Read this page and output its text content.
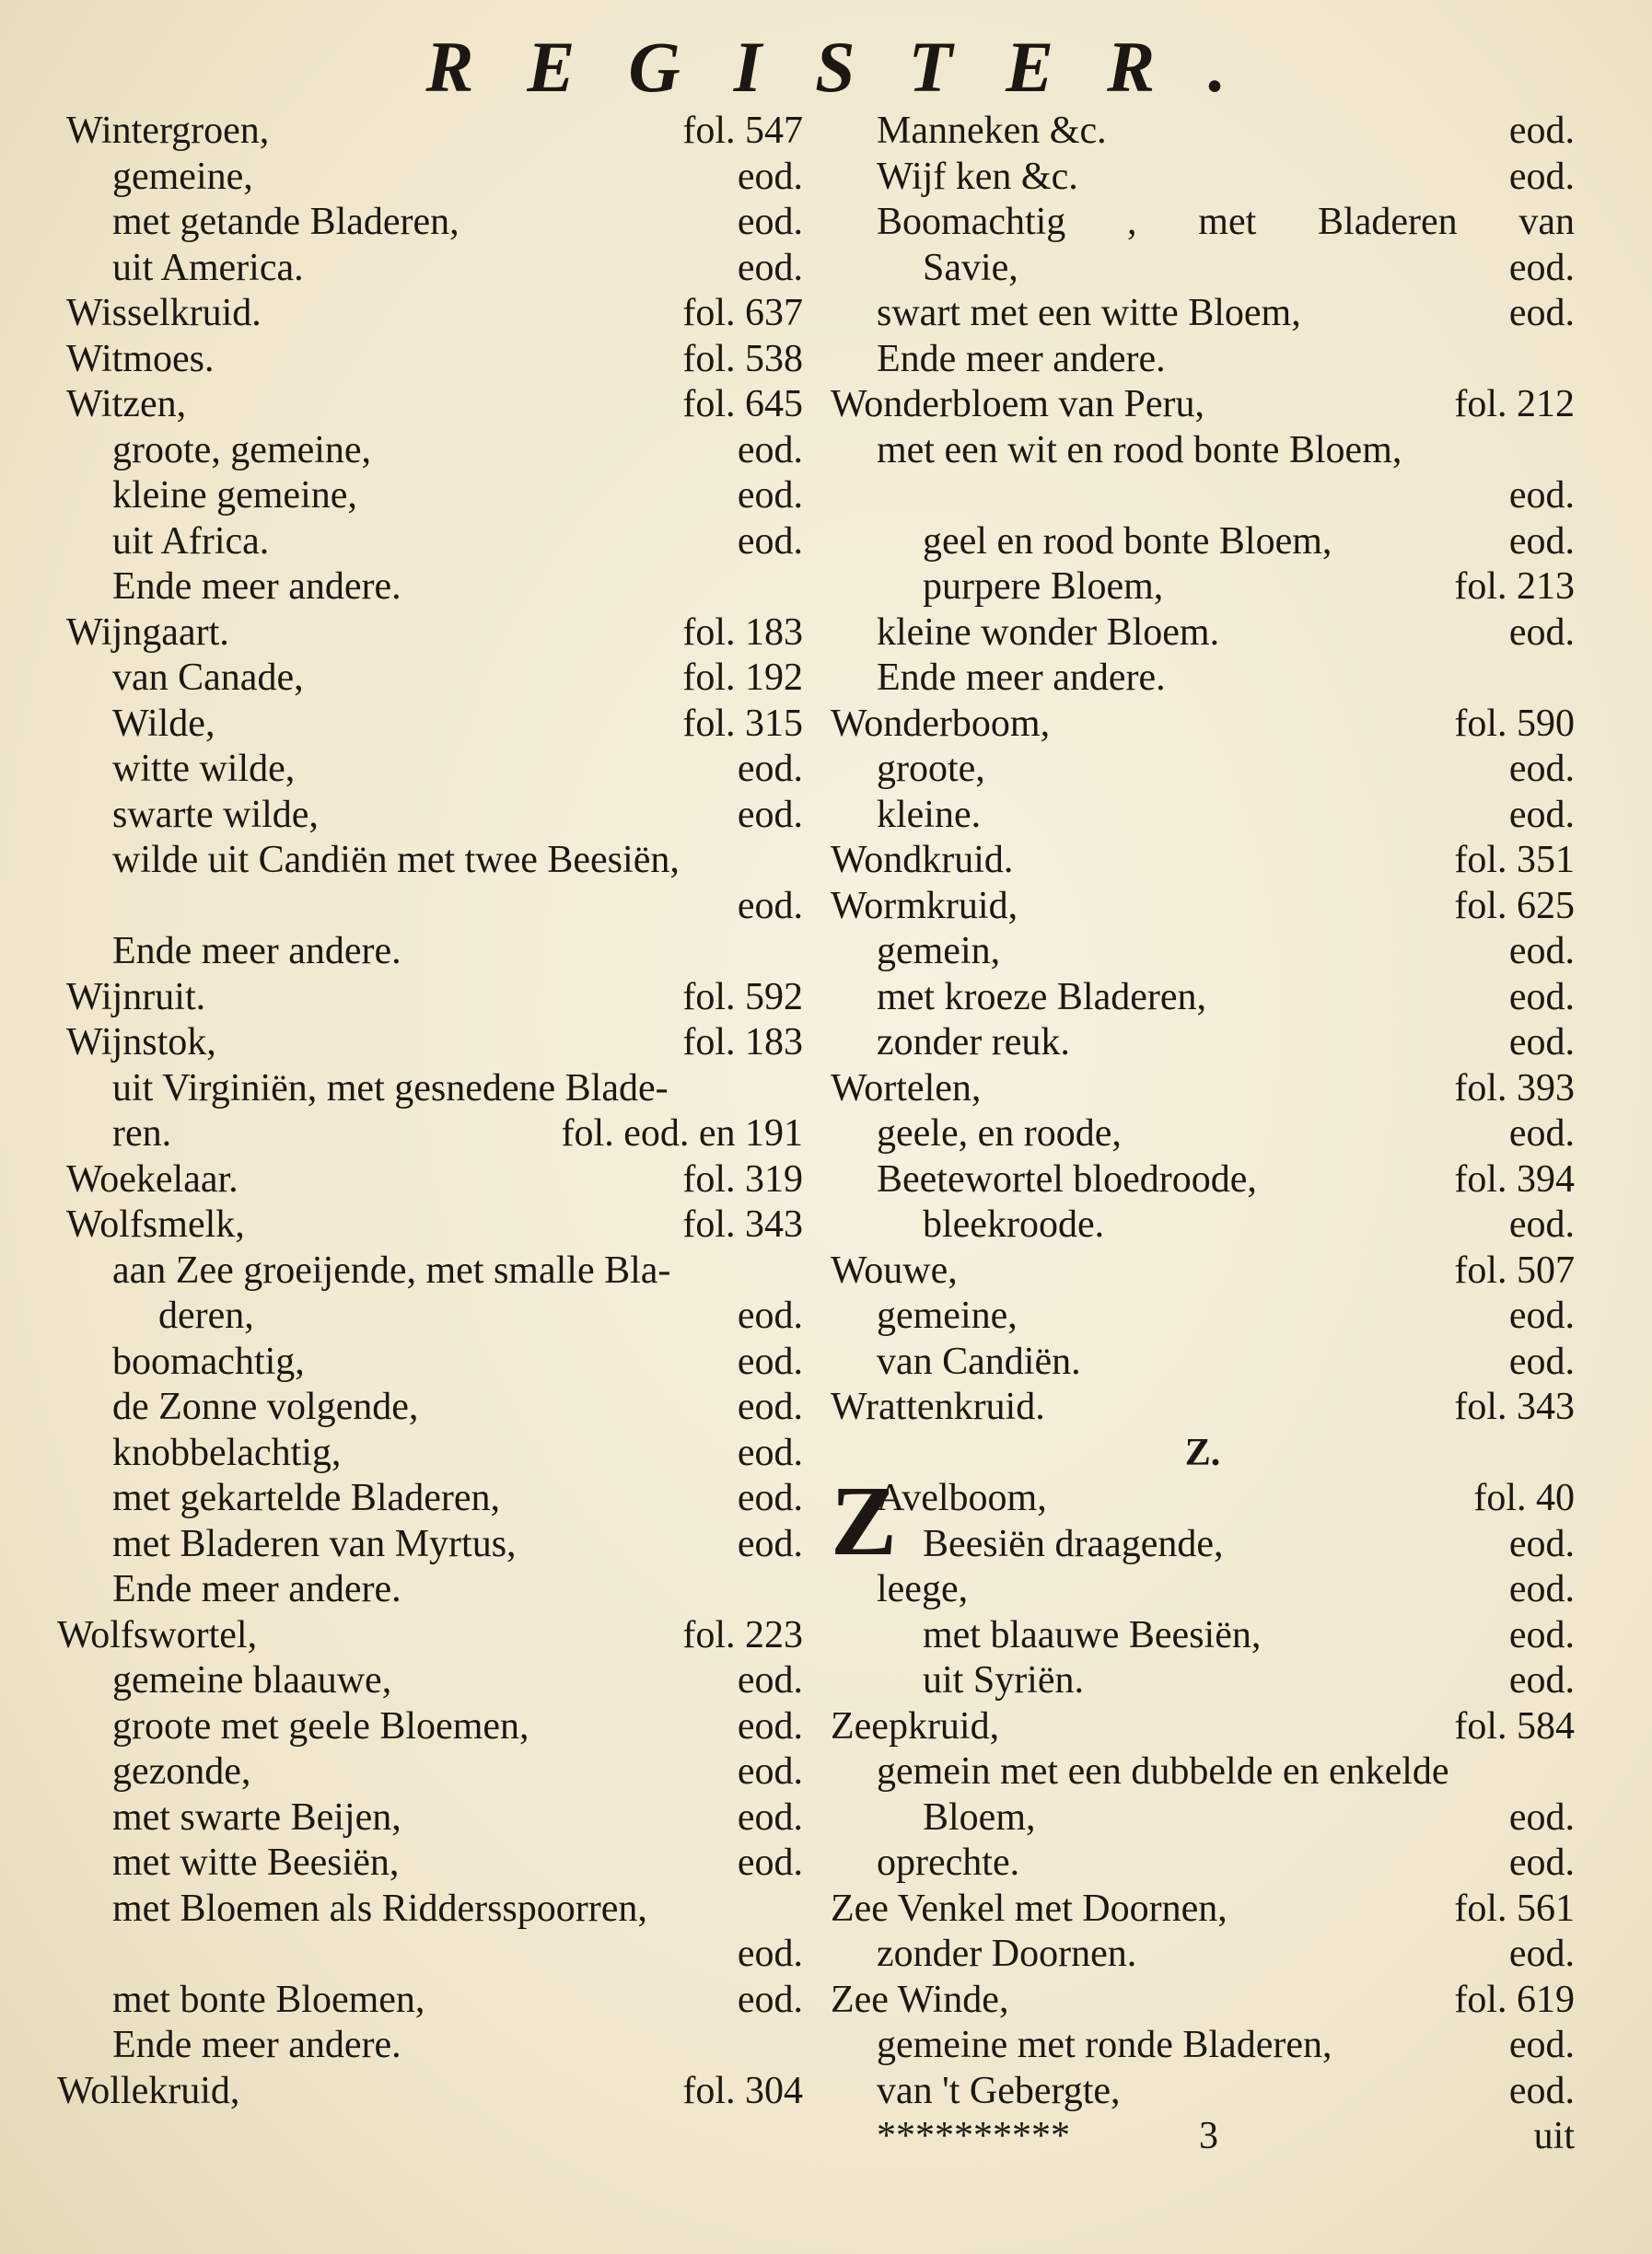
REGISTER.
Wintergroen,	fol. 547
gemeine,	eod.
met getande Bladeren,	eod.
uit America.	eod.
Wisselkruid.	fol. 637
Witmoes.	fol. 538
Witzen,	fol. 645
groote, gemeine,	eod.
kleine gemeine,	eod.
uit Africa.	eod.
Ende meer andere.
Wijngaart.	fol. 183
van Canade,	fol. 192
Wilde,	fol. 315
witte wilde,	eod.
swarte wilde,	eod.
wilde uit Candiën met twee Beesiën,
eod.
Ende meer andere.
Wijnruit.	fol. 592
Wijnstok,	fol. 183
uit Virginiën, met gesnedene Blade-
ren.	fol. eod. en 191
Woekelaar.	fol. 319
Wolfsmelk,	fol. 343
aan Zee groeijende, met smalle Bla-
deren,	eod.
boomachtig,	eod.
de Zonne volgende,	eod.
knobbelachtig,	eod.
met gekartelde Bladeren,	eod.
met Bladeren van Myrtus,	eod.
Ende meer andere.
Wolfswortel,	fol. 223
gemeine blaauwe,	eod.
groote met geele Bloemen,	eod.
gezonde,	eod.
met swarte Beijen,	eod.
met witte Beesiën,	eod.
met Bloemen als Riddersspoorren,
eod.
met bonte Bloemen,	eod.
Ende meer andere.
Wollekruid,	fol. 304
Manneken &c.	eod.
Wijf ken &c.	eod.
Boomachtig , met Bladeren van
Savie,	eod.
swart met een witte Bloem,	eod.
Ende meer andere.
Wonderbloem van Peru,	fol. 212
met een wit en rood bonte Bloem,
eod.
geel en rood bonte Bloem,	eod.
purpere Bloem,	fol. 213
kleine wonder Bloem.	eod.
Ende meer andere.
Wonderboom,	fol. 590
groote,	eod.
kleine.	eod.
Wondkruid.	fol. 351
Wormkruid,	fol. 625
gemein,	eod.
met kroeze Bladeren,	eod.
zonder reuk.	eod.
Wortelen,	fol. 393
geele, en roode,	eod.
Beetewortel bloedroode,	fol. 394
bleekroode.	eod.
Wouwe,	fol. 507
gemeine,	eod.
van Candiën.	eod.
Wrattenkruid.	fol. 343
Z.
Z
Avelboom,	fol. 40
Beesiën draagende,	eod.
leege,	eod.
met blaauwe Beesiën,	eod.
uit Syriën.	eod.
Zeepkruid,	fol. 584
gemein met een dubbelde en enkelde
Bloem,	eod.
oprechte.	eod.
Zee Venkel met Doornen,	fol. 561
zonder Doornen.	eod.
Zee Winde,	fol. 619
gemeine met ronde Bladeren,	eod.
van 't Gebergte,	eod.
**********	uit
3
